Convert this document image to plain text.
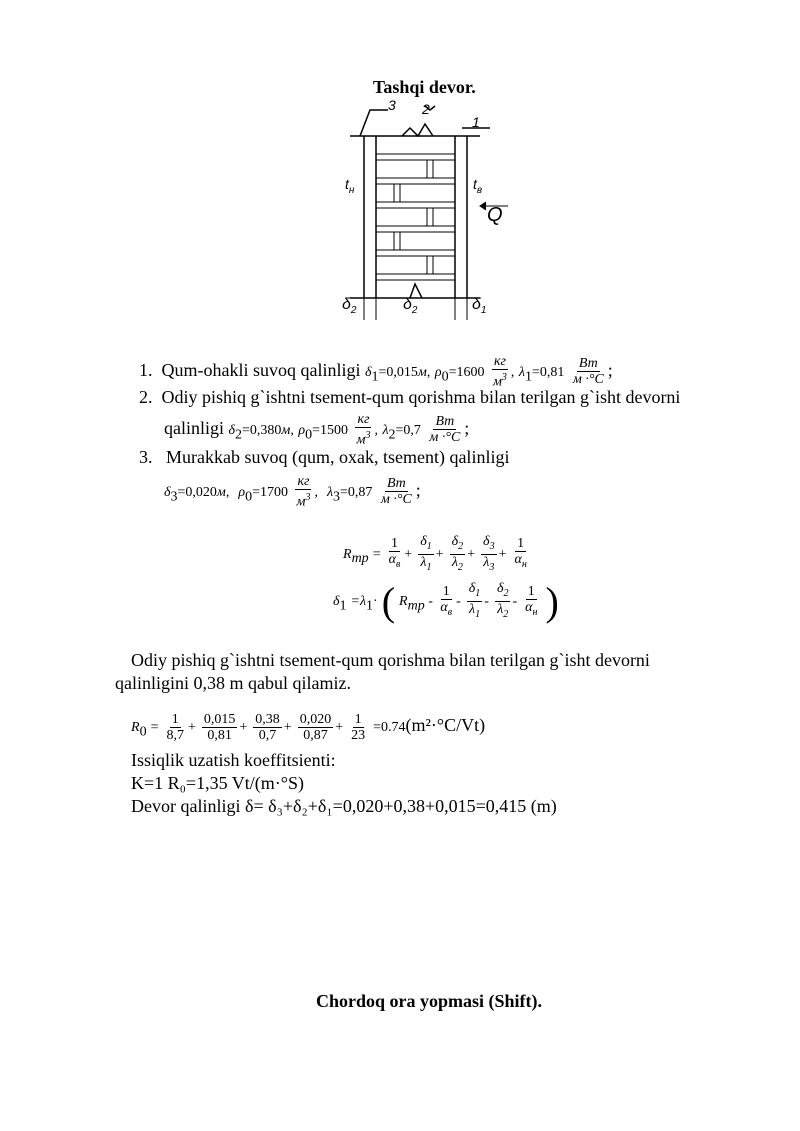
Tashqi devor.
3 2
1
$t_н$	$t_в$
Q
$\delta_2$	$\delta_2$	$\delta_1$
1. Qum-ohakli suvoq qalinligi $\delta_1=0,015м$, $\rho_0=1600 \frac{кг}{м^3}$ , $\lambda_1=0,81 \frac{Вт}{м \cdot^\circ С}$ ;
2. Odiy pishiq g`ishtni tsement-qum qorishma bilan terilgan g`isht devorni
qalinligi $\delta_2=0,380м$, $\rho_0=1500 \frac{кг}{м^3}$ , $\lambda_2=0,7 \frac{Вт}{м \cdot^\circ С}$ ;
3. Murakkab suvoq (qum, oxak, tsement) qalinligi
$\delta_3=0,020м$, $\rho_0=1700 \frac{кг}{м^3}$ , $\lambda_3=0,87 \frac{Вт}{м \cdot^\circ С}$ ;
$R_{тр} = \frac{1}{\alpha_в} + \frac{\delta_1}{\lambda_1} + \frac{\delta_2}{\lambda_2} + \frac{\delta_3}{\lambda_3} + \frac{1}{\alpha_н}$
$\delta_1 =\lambda_1\cdot$ ( $R_{тр} - \frac{1}{\alpha_в} - \frac{\delta_1}{\lambda_1} - \frac{\delta_2}{\lambda_2} - \frac{1}{\alpha_н}$ )
Odiy pishiq g`ishtni tsement-qum qorishma bilan terilgan g`isht devorni
qalinligini 0,38 m qabul qilamiz.
$R_0 = \frac{1}{8,7} + \frac{0,015}{0,81} + \frac{0,38}{0,7} + \frac{0,020}{0,87} + \frac{1}{23} =0.74(m^2\cdot^\circ C/Vt)$
Issiqlik uzatish koeffitsienti:
K=1 R₀=1,35 Vt/(m·°S)
Devor qalinligi δ= δ₃+δ₂+δ₁=0,020+0,38+0,015=0,415 (m)
Chordoq ora yopmasi (Shift).
